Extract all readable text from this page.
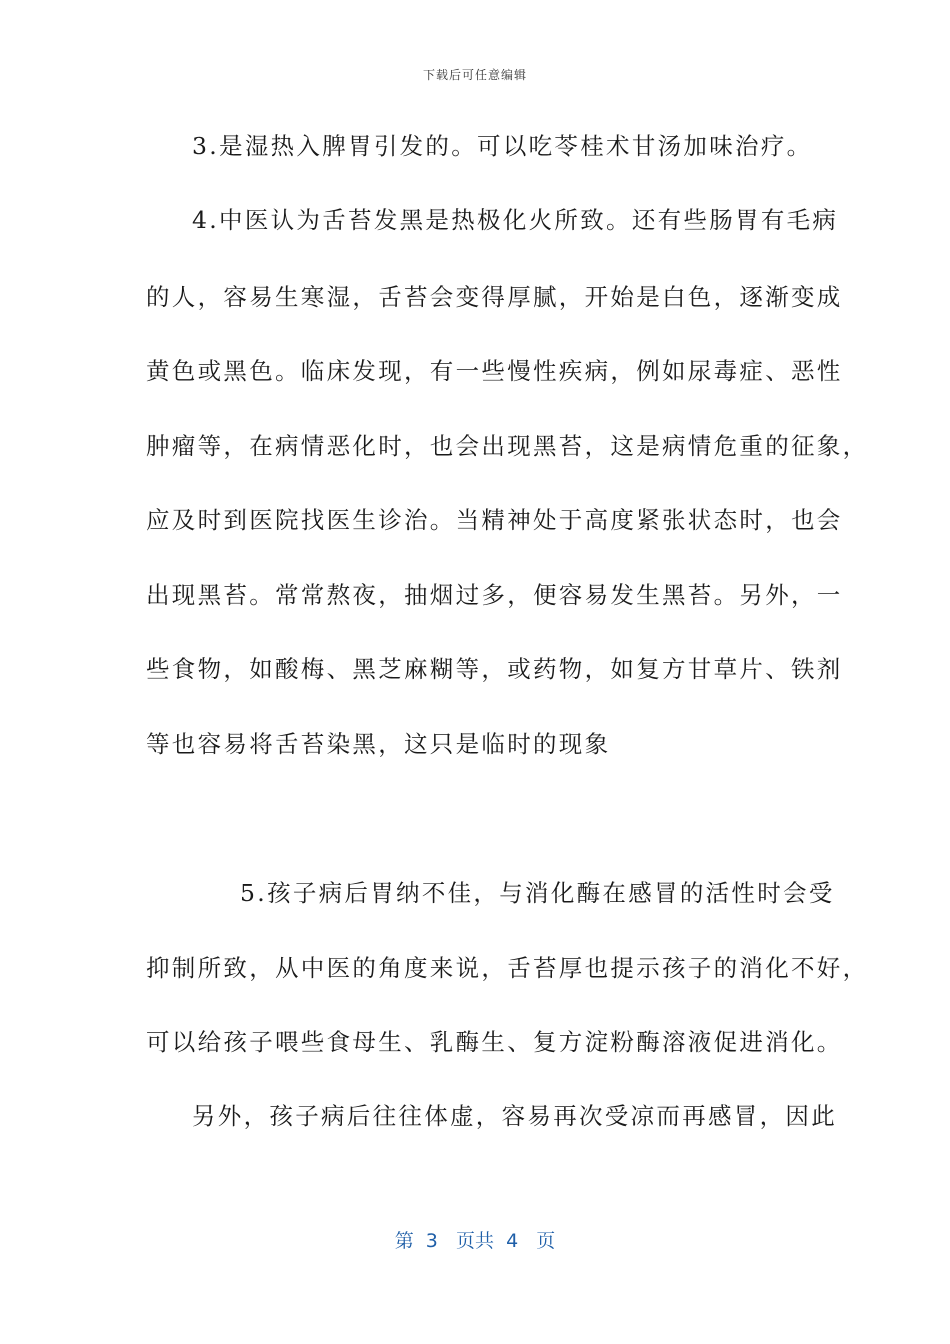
下载后可任意编辑
3.是湿热入脾胃引发的。可以吃苓桂术甘汤加味治疗。
4.中医认为舌苔发黑是热极化火所致。还有些肠胃有毛病
的人，容易生寒湿，舌苔会变得厚腻，开始是白色，逐渐变成
黄色或黑色。临床发现，有一些慢性疾病，例如尿毒症、恶性
肿瘤等，在病情恶化时，也会出现黑苔，这是病情危重的征象，
应及时到医院找医生诊治。当精神处于高度紧张状态时，也会
出现黑苔。常常熬夜，抽烟过多，便容易发生黑苔。另外，一
些食物，如酸梅、黑芝麻糊等，或药物，如复方甘草片、铁剂
等也容易将舌苔染黑，这只是临时的现象
5.孩子病后胃纳不佳，与消化酶在感冒的活性时会受
抑制所致，从中医的角度来说，舌苔厚也提示孩子的消化不好，
可以给孩子喂些食母生、乳酶生、复方淀粉酶溶液促进消化。
另外，孩子病后往往体虚，容易再次受凉而再感冒，因此
第  3   页共  4   页
